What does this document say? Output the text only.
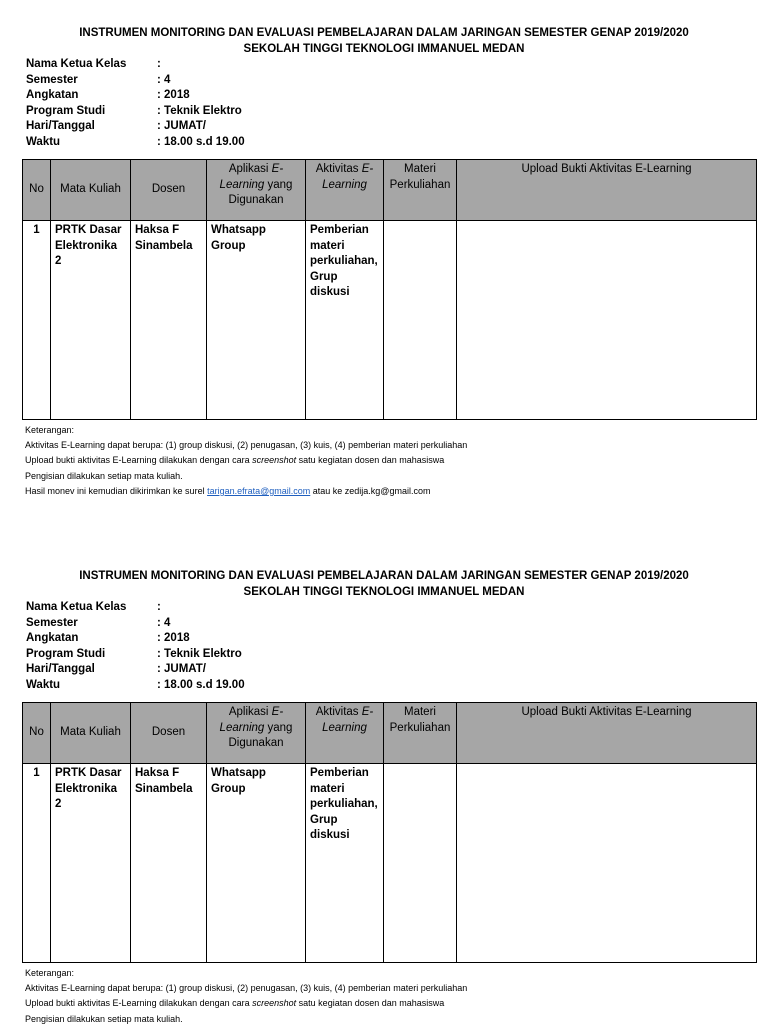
INSTRUMEN MONITORING DAN EVALUASI PEMBELAJARAN DALAM JARINGAN SEMESTER GENAP 2019/2020
SEKOLAH TINGGI TEKNOLOGI IMMANUEL MEDAN
Nama Ketua Kelas	:
Semester	: 4
Angkatan	: 2018
Program Studi	: Teknik Elektro
Hari/Tanggal	: JUMAT/
Waktu	: 18.00 s.d 19.00
No	Mata Kuliah	Dosen	Aplikasi E-Learning yang Digunakan	Aktivitas E-Learning	Materi Perkuliahan	Upload Bukti Aktivitas E-Learning
1	PRTK Dasar Elektronika 2	Haksa F Sinambela	Whatsapp Group	Pemberian materi perkuliahan, Grup diskusi		

Keterangan:

Aktivitas E-Learning dapat berupa: (1) group diskusi, (2) penugasan, (3) kuis, (4) pemberian materi perkuliahan

Upload bukti aktivitas E-Learning dilakukan dengan cara screenshot satu kegiatan dosen dan mahasiswa

Pengisian dilakukan setiap mata kuliah.

Hasil monev ini kemudian dikirimkan ke surel tarigan.efrata@gmail.com atau ke zedija.kg@gmail.com

INSTRUMEN MONITORING DAN EVALUASI PEMBELAJARAN DALAM JARINGAN SEMESTER GENAP 2019/2020
SEKOLAH TINGGI TEKNOLOGI IMMANUEL MEDAN
Nama Ketua Kelas	:
Semester	: 4
Angkatan	: 2018
Program Studi	: Teknik Elektro
Hari/Tanggal	: JUMAT/
Waktu	: 18.00 s.d 19.00
No	Mata Kuliah	Dosen	Aplikasi E-Learning yang Digunakan	Aktivitas E-Learning	Materi Perkuliahan	Upload Bukti Aktivitas E-Learning
1	PRTK Dasar Elektronika 2	Haksa F Sinambela	Whatsapp Group	Pemberian materi perkuliahan, Grup diskusi		

Keterangan:

Aktivitas E-Learning dapat berupa: (1) group diskusi, (2) penugasan, (3) kuis, (4) pemberian materi perkuliahan

Upload bukti aktivitas E-Learning dilakukan dengan cara screenshot satu kegiatan dosen dan mahasiswa

Pengisian dilakukan setiap mata kuliah.
